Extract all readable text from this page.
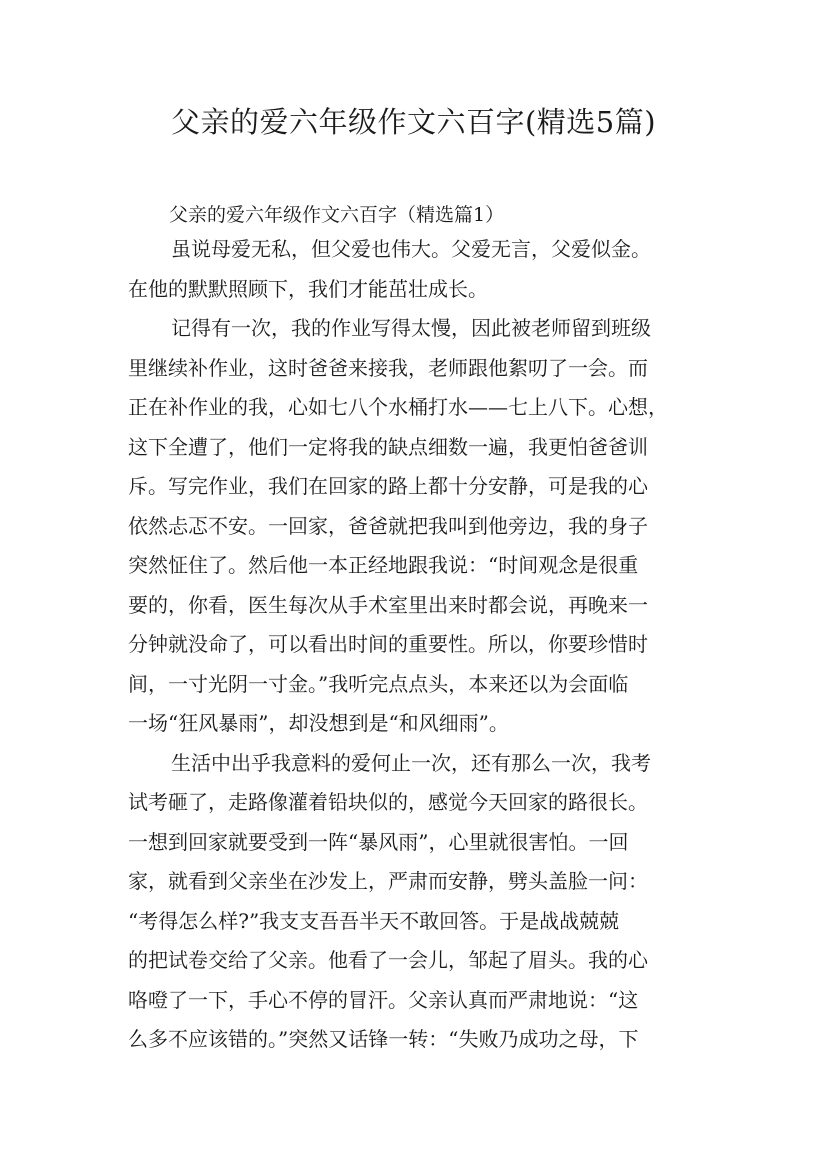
父亲的爱六年级作文六百字(精选5篇)
父亲的爱六年级作文六百字（精选篇1）
虽说母爱无私，但父爱也伟大。父爱无言，父爱似金。
在他的默默照顾下，我们才能茁壮成长。
记得有一次，我的作业写得太慢，因此被老师留到班级
里继续补作业，这时爸爸来接我，老师跟他絮叨了一会。而
正在补作业的我，心如七八个水桶打水——七上八下。心想，
这下全遭了，他们一定将我的缺点细数一遍，我更怕爸爸训
斥。写完作业，我们在回家的路上都十分安静，可是我的心
依然忐忑不安。一回家，爸爸就把我叫到他旁边，我的身子
突然怔住了。然后他一本正经地跟我说：“时间观念是很重
要的，你看，医生每次从手术室里出来时都会说，再晚来一
分钟就没命了，可以看出时间的重要性。所以，你要珍惜时
间，一寸光阴一寸金。”我听完点点头，本来还以为会面临
一场“狂风暴雨”，却没想到是“和风细雨”。
生活中出乎我意料的爱何止一次，还有那么一次，我考
试考砸了，走路像灌着铅块似的，感觉今天回家的路很长。
一想到回家就要受到一阵“暴风雨”，心里就很害怕。一回
家，就看到父亲坐在沙发上，严肃而安静，劈头盖脸一问：
“考得怎么样?”我支支吾吾半天不敢回答。于是战战兢兢
的把试卷交给了父亲。他看了一会儿，邹起了眉头。我的心
咯噔了一下，手心不停的冒汗。父亲认真而严肃地说：“这
么多不应该错的。”突然又话锋一转：“失败乃成功之母，下
